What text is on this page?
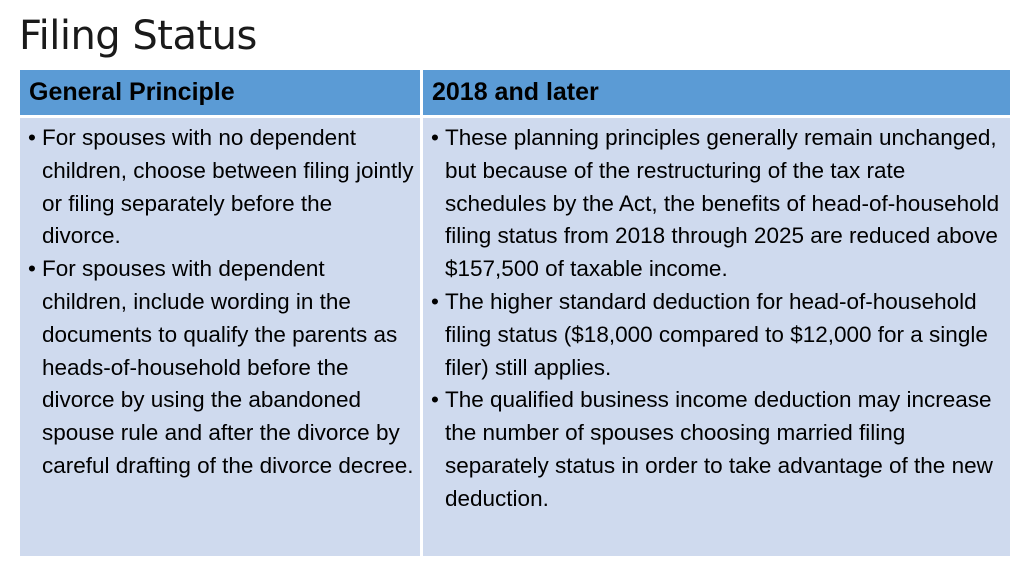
Filing Status
General Principle	2018 and later
• For spouses with no dependent children, choose between filing jointly or filing separately before the divorce.
• For spouses with dependent children, include wording in the documents to qualify the parents as heads-of-household before the divorce by using the abandoned spouse rule and after the divorce by careful drafting of the divorce decree.
• These planning principles generally remain unchanged, but because of the restructuring of the tax rate schedules by the Act, the benefits of head-of-household filing status from 2018 through 2025 are reduced above $157,500 of taxable income.
• The higher standard deduction for head-of-household filing status ($18,000 compared to $12,000 for a single filer) still applies.
• The qualified business income deduction may increase the number of spouses choosing married filing separately status in order to take advantage of the new deduction.
